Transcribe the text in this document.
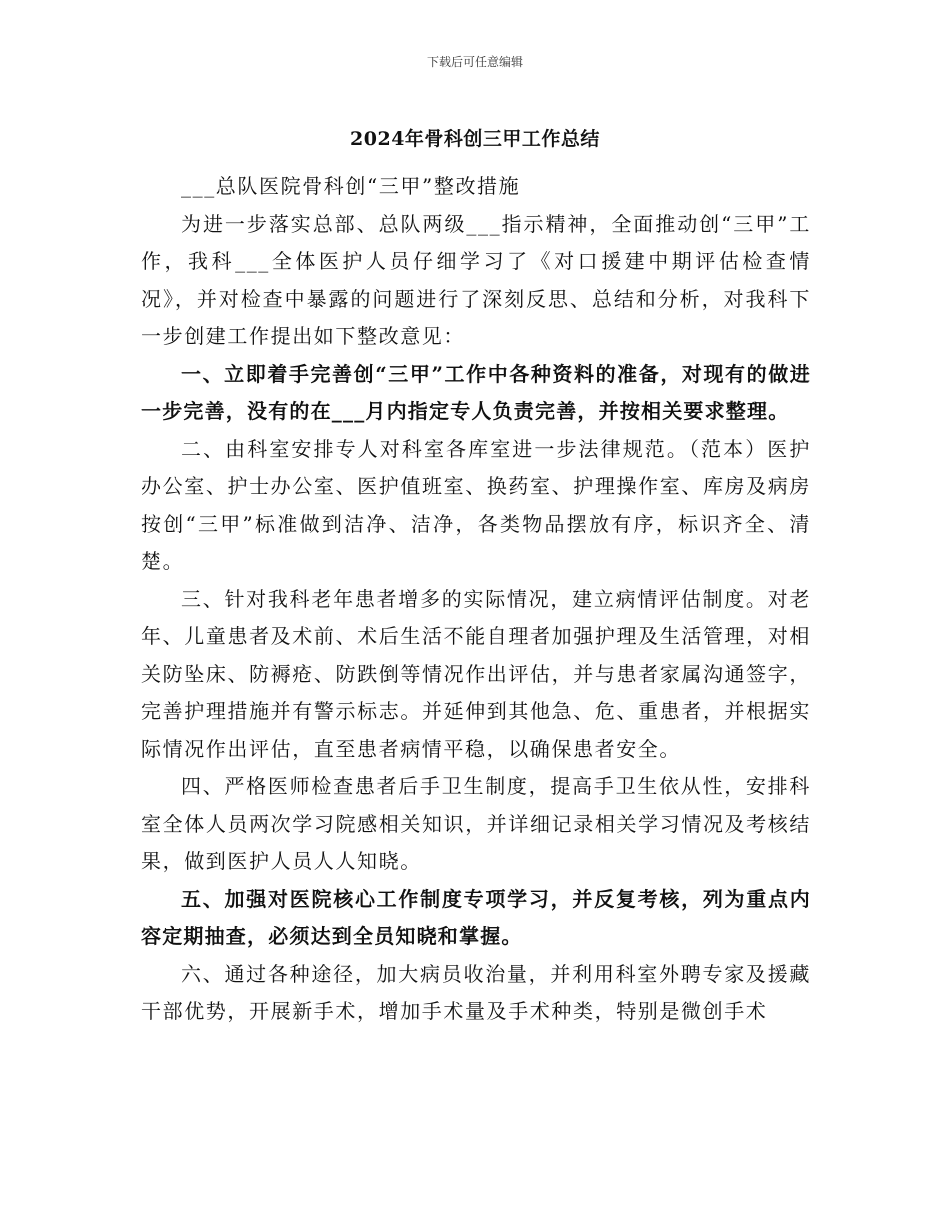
下载后可任意编辑
2024年骨科创三甲工作总结

___总队医院骨科创“三甲”整改措施

为进一步落实总部、总队两级___指示精神，全面推动创“三甲”工作，我科___全体医护人员仔细学习了《对口援建中期评估检查情况》，并对检查中暴露的问题进行了深刻反思、总结和分析，对我科下一步创建工作提出如下整改意见：

一、立即着手完善创“三甲”工作中各种资料的准备，对现有的做进一步完善，没有的在___月内指定专人负责完善，并按相关要求整理。

二、由科室安排专人对科室各库室进一步法律规范。（范本）医护办公室、护士办公室、医护值班室、换药室、护理操作室、库房及病房按创“三甲”标准做到洁净、洁净，各类物品摆放有序，标识齐全、清楚。

三、针对我科老年患者增多的实际情况，建立病情评估制度。对老年、儿童患者及术前、术后生活不能自理者加强护理及生活管理，对相关防坠床、防褥疮、防跌倒等情况作出评估，并与患者家属沟通签字，完善护理措施并有警示标志。并延伸到其他急、危、重患者，并根据实际情况作出评估，直至患者病情平稳，以确保患者安全。

四、严格医师检查患者后手卫生制度，提高手卫生依从性，安排科室全体人员两次学习院感相关知识，并详细记录相关学习情况及考核结果，做到医护人员人人知晓。

五、加强对医院核心工作制度专项学习，并反复考核，列为重点内容定期抽查，必须达到全员知晓和掌握。

六、通过各种途径，加大病员收治量，并利用科室外聘专家及援藏干部优势，开展新手术，增加手术量及手术种类，特别是微创手术
